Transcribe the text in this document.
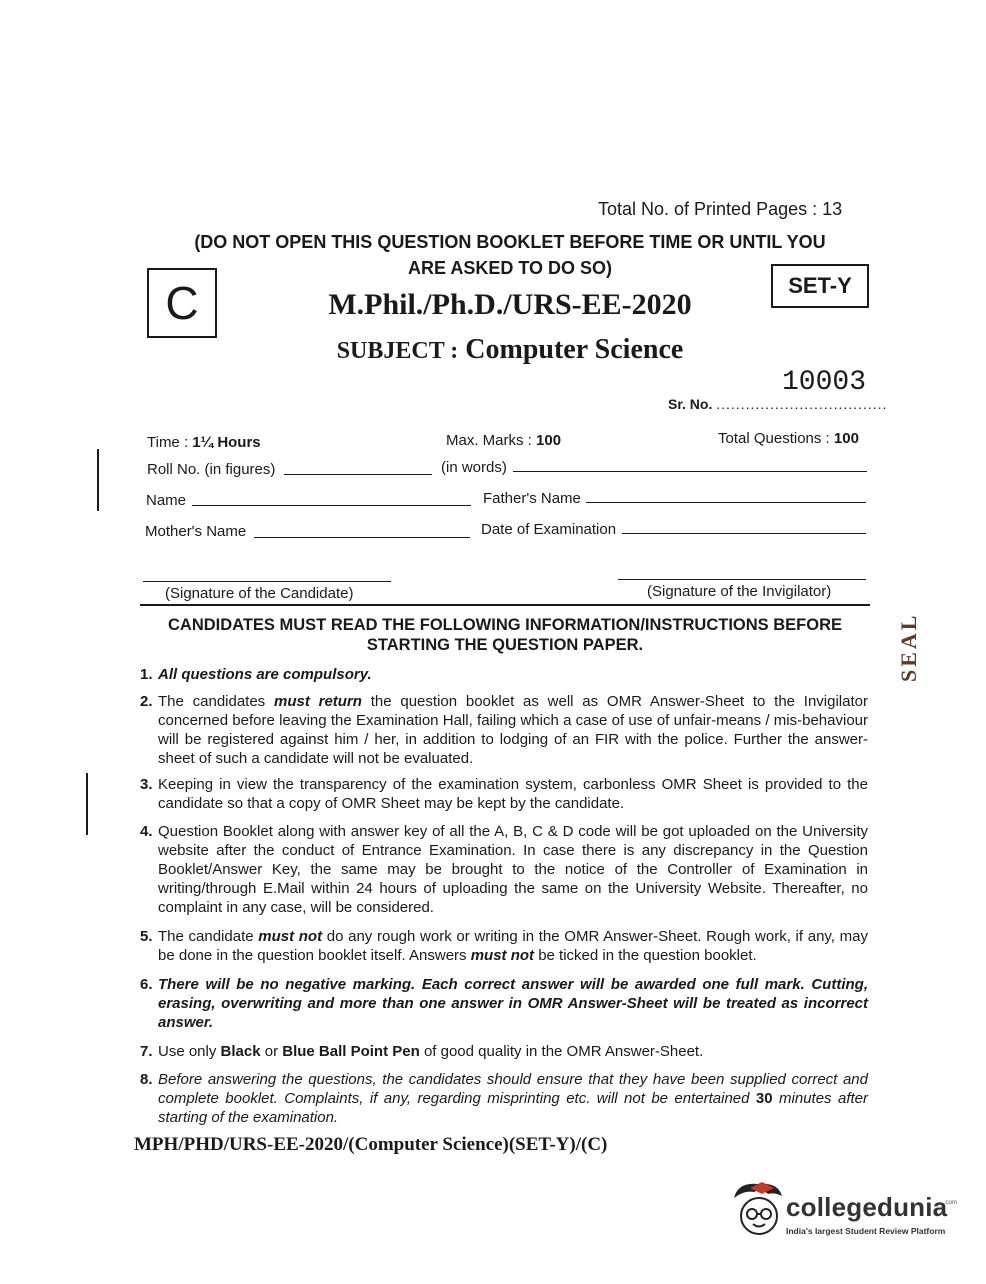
Total No. of Printed Pages : 13
(DO NOT OPEN THIS QUESTION BOOKLET BEFORE TIME OR UNTIL YOU
ARE ASKED TO DO SO)
C	SET-Y
M.Phil./Ph.D./URS-EE-2020
SUBJECT : Computer Science
10003
Sr. No. ...................................
Time : 1¼ Hours	Max. Marks : 100	Total Questions : 100
Roll No. (in figures)	(in words)
Name	Father's Name
Mother's Name	Date of Examination
(Signature of the Candidate)	(Signature of the Invigilator)
CANDIDATES MUST READ THE FOLLOWING INFORMATION/INSTRUCTIONS BEFORE
STARTING THE QUESTION PAPER.
1. All questions are compulsory.
2. The candidates must return the question booklet as well as OMR Answer-Sheet to the Invigilator concerned before leaving the Examination Hall, failing which a case of use of unfair-means / mis-behaviour will be registered against him / her, in addition to lodging of an FIR with the police. Further the answer-sheet of such a candidate will not be evaluated.
3. Keeping in view the transparency of the examination system, carbonless OMR Sheet is provided to the candidate so that a copy of OMR Sheet may be kept by the candidate.
4. Question Booklet along with answer key of all the A, B, C & D code will be got uploaded on the University website after the conduct of Entrance Examination. In case there is any discrepancy in the Question Booklet/Answer Key, the same may be brought to the notice of the Controller of Examination in writing/through E.Mail within 24 hours of uploading the same on the University Website. Thereafter, no complaint in any case, will be considered.
5. The candidate must not do any rough work or writing in the OMR Answer-Sheet. Rough work, if any, may be done in the question booklet itself. Answers must not be ticked in the question booklet.
6. There will be no negative marking. Each correct answer will be awarded one full mark. Cutting, erasing, overwriting and more than one answer in OMR Answer-Sheet will be treated as incorrect answer.
7. Use only Black or Blue Ball Point Pen of good quality in the OMR Answer-Sheet.
8. Before answering the questions, the candidates should ensure that they have been supplied correct and complete booklet. Complaints, if any, regarding misprinting etc. will not be entertained 30 minutes after starting of the examination.
MPH/PHD/URS-EE-2020/(Computer Science)(SET-Y)/(C)
SEAL
collegedunia
.com
India's largest Student Review Platform
